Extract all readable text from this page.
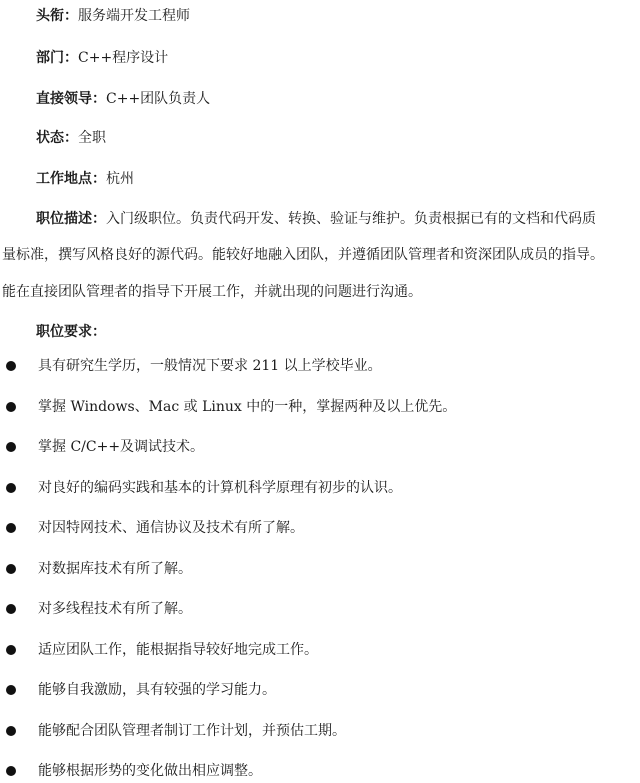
头衔：服务端开发工程师
部门：C++程序设计
直接领导：C++团队负责人
状态：全职
工作地点：杭州
职位描述：入门级职位。负责代码开发、转换、验证与维护。负责根据已有的文档和代码质
量标准，撰写风格良好的源代码。能较好地融入团队，并遵循团队管理者和资深团队成员的指导。
能在直接团队管理者的指导下开展工作，并就出现的问题进行沟通。
职位要求：
具有研究生学历，一般情况下要求 211 以上学校毕业。
掌握 Windows、Mac 或 Linux 中的一种，掌握两种及以上优先。
掌握 C/C++及调试技术。
对良好的编码实践和基本的计算机科学原理有初步的认识。
对因特网技术、通信协议及技术有所了解。
对数据库技术有所了解。
对多线程技术有所了解。
适应团队工作，能根据指导较好地完成工作。
能够自我激励，具有较强的学习能力。
能够配合团队管理者制订工作计划，并预估工期。
能够根据形势的变化做出相应调整。
